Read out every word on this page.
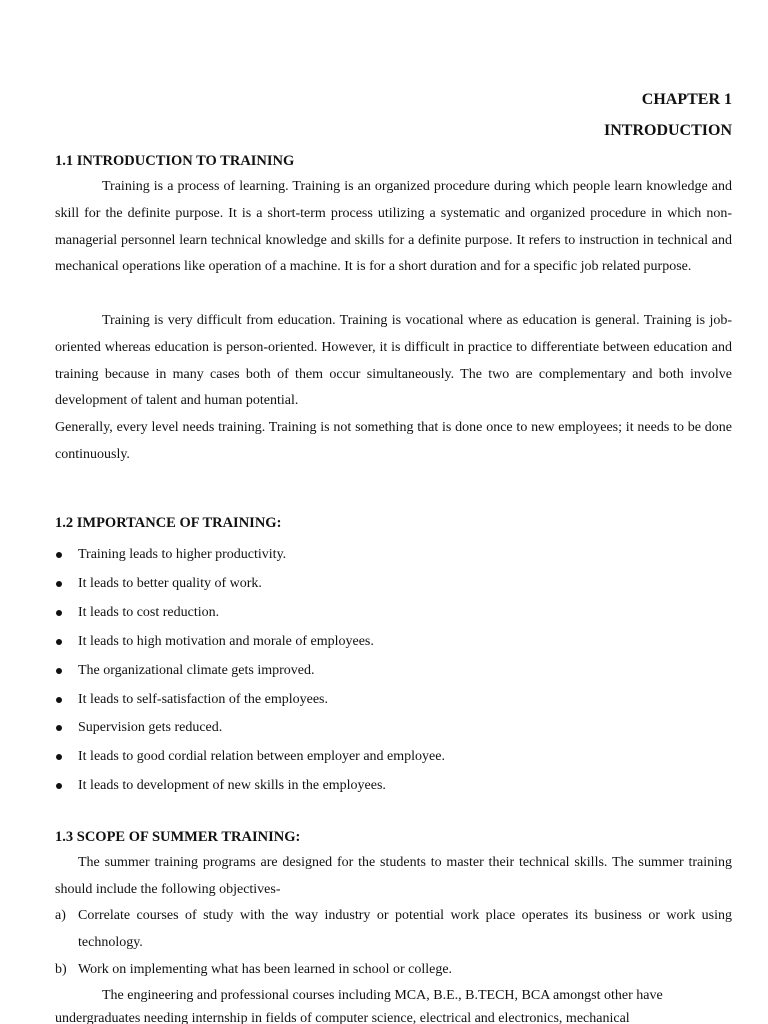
CHAPTER 1
INTRODUCTION
1.1 INTRODUCTION TO TRAINING

Training is a process of learning. Training is an organized procedure during which people learn knowledge and skill for the definite purpose. It is a short-term process utilizing a systematic and organized procedure in which non-managerial personnel learn technical knowledge and skills for a definite purpose. It refers to instruction in technical and mechanical operations like operation of a machine. It is for a short duration and for a specific job related purpose.

Training is very difficult from education. Training is vocational where as education is general. Training is job-oriented whereas education is person-oriented. However, it is difficult in practice to differentiate between education and training because in many cases both of them occur simultaneously. The two are complementary and both involve development of talent and human potential.

Generally, every level needs training. Training is not something that is done once to new employees; it needs to be done continuously.

1.2 IMPORTANCE OF TRAINING:
Training leads to higher productivity.
It leads to better quality of work.
It leads to cost reduction.
It leads to high motivation and morale of employees.
The organizational climate gets improved.
It leads to self-satisfaction of the employees.
Supervision gets reduced.
It leads to good cordial relation between employer and employee.
It leads to development of new skills in the employees.
1.3 SCOPE OF SUMMER TRAINING:

The summer training programs are designed for the students to master their technical skills. The summer training should include the following objectives-

a) Correlate courses of study with the way industry or potential work place operates its business or work using technology.
b) Work on implementing what has been learned in school or college.

The engineering and professional courses including MCA, B.E., B.TECH, BCA amongst other have

undergraduates needing internship in fields of computer science, electrical and electronics, mechanical
